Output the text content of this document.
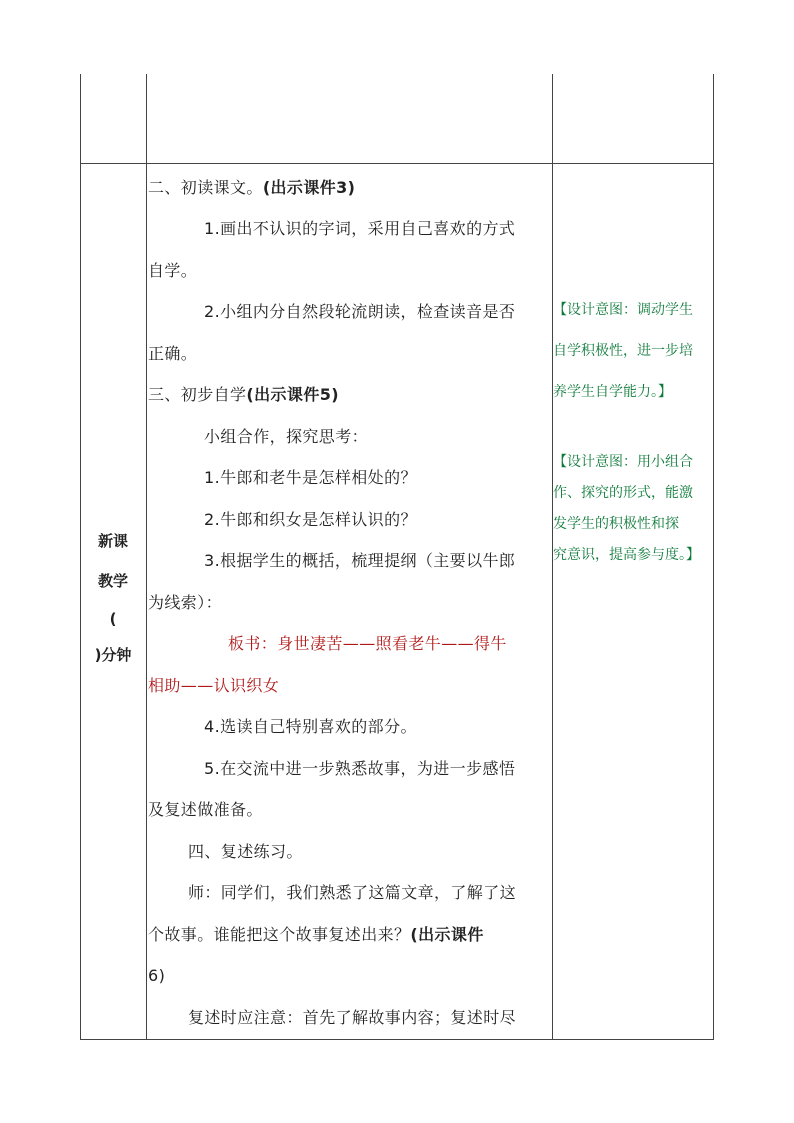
新课
教学
(
)分钟
二、初读课文。(出示课件3)
1.画出不认识的字词，采用自己喜欢的方式
自学。
2.小组内分自然段轮流朗读，检查读音是否
正确。
三、初步自学(出示课件5)
小组合作，探究思考：
1.牛郎和老牛是怎样相处的？
2.牛郎和织女是怎样认识的？
3.根据学生的概括，梳理提纲（主要以牛郎
为线索）：
板书：身世凄苦——照看老牛——得牛
相助——认识织女
4.选读自己特别喜欢的部分。
5.在交流中进一步熟悉故事，为进一步感悟
及复述做准备。
四、复述练习。
师：同学们，我们熟悉了这篇文章，了解了这
个故事。谁能把这个故事复述出来？(出示课件
6)
复述时应注意：首先了解故事内容；复述时尽
【设计意图：调动学生
自学积极性，进一步培
养学生自学能力。】
【设计意图：用小组合
作、探究的形式，能激
发学生的积极性和探
究意识，提高参与度。】
